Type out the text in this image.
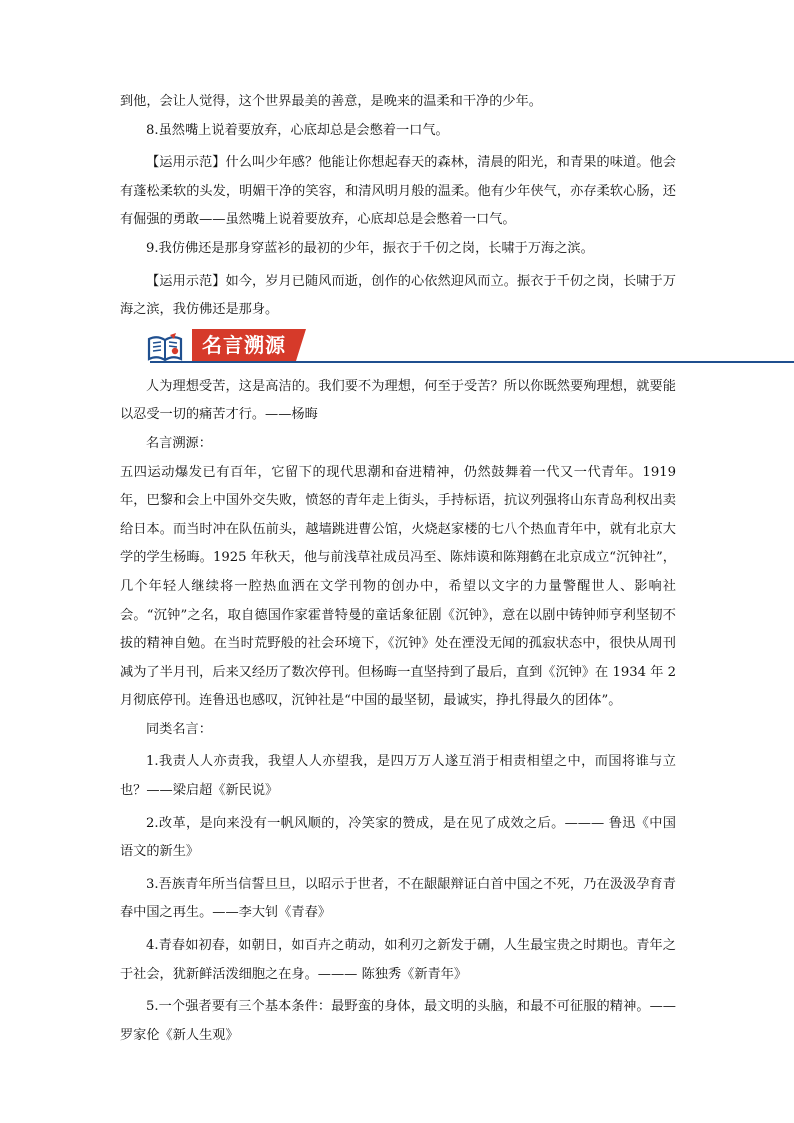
到他，会让人觉得，这个世界最美的善意，是晚来的温柔和干净的少年。

8.虽然嘴上说着要放弃，心底却总是会憋着一口气。

【运用示范】什么叫少年感？他能让你想起春天的森林，清晨的阳光，和青果的味道。他会有蓬松柔软的头发，明媚干净的笑容，和清风明月般的温柔。他有少年侠气，亦存柔软心肠，还有倔强的勇敢——虽然嘴上说着要放弃，心底却总是会憋着一口气。

9.我仿佛还是那身穿蓝衫的最初的少年，振衣于千仞之岗，长啸于万海之滨。

【运用示范】如今，岁月已随风而逝，创作的心依然迎风而立。振衣于千仞之岗，长啸于万海之滨，我仿佛还是那身。

名言溯源

人为理想受苦，这是高洁的。我们要不为理想，何至于受苦？所以你既然要殉理想，就要能以忍受一切的痛苦才行。——杨晦

名言溯源：

五四运动爆发已有百年，它留下的现代思潮和奋进精神，仍然鼓舞着一代又一代青年。1919 年，巴黎和会上中国外交失败，愤怒的青年走上街头，手持标语，抗议列强将山东青岛利权出卖给日本。而当时冲在队伍前头，越墙跳进曹公馆，火烧赵家楼的七八个热血青年中，就有北京大学的学生杨晦。1925 年秋天，他与前浅草社成员冯至、陈炜谟和陈翔鹤在北京成立“沉钟社”，几个年轻人继续将一腔热血洒在文学刊物的创办中，希望以文字的力量警醒世人、影响社会。“沉钟”之名，取自德国作家霍普特曼的童话象征剧《沉钟》，意在以剧中铸钟师亨利坚韧不拔的精神自勉。在当时荒野般的社会环境下，《沉钟》处在湮没无闻的孤寂状态中，很快从周刊减为了半月刊，后来又经历了数次停刊。但杨晦一直坚持到了最后，直到《沉钟》在 1934 年 2 月彻底停刊。连鲁迅也感叹，沉钟社是“中国的最坚韧，最诚实，挣扎得最久的团体”。

同类名言：

1.我责人人亦责我，我望人人亦望我，是四万万人遂互消于相责相望之中，而国将谁与立也？——梁启超《新民说》

2.改革，是向来没有一帆风顺的，冷笑家的赞成，是在见了成效之后。——— 鲁迅《中国语文的新生》

3.吾族青年所当信誓旦旦，以昭示于世者，不在龈龈辩证白首中国之不死，乃在汲汲孕育青春中国之再生。——李大钊《青春》

4.青春如初春，如朝日，如百卉之萌动，如利刃之新发于硎，人生最宝贵之时期也。青年之于社会，犹新鲜活泼细胞之在身。——— 陈独秀《新青年》

5.一个强者要有三个基本条件：最野蛮的身体，最文明的头脑，和最不可征服的精神。——罗家伦《新人生观》
